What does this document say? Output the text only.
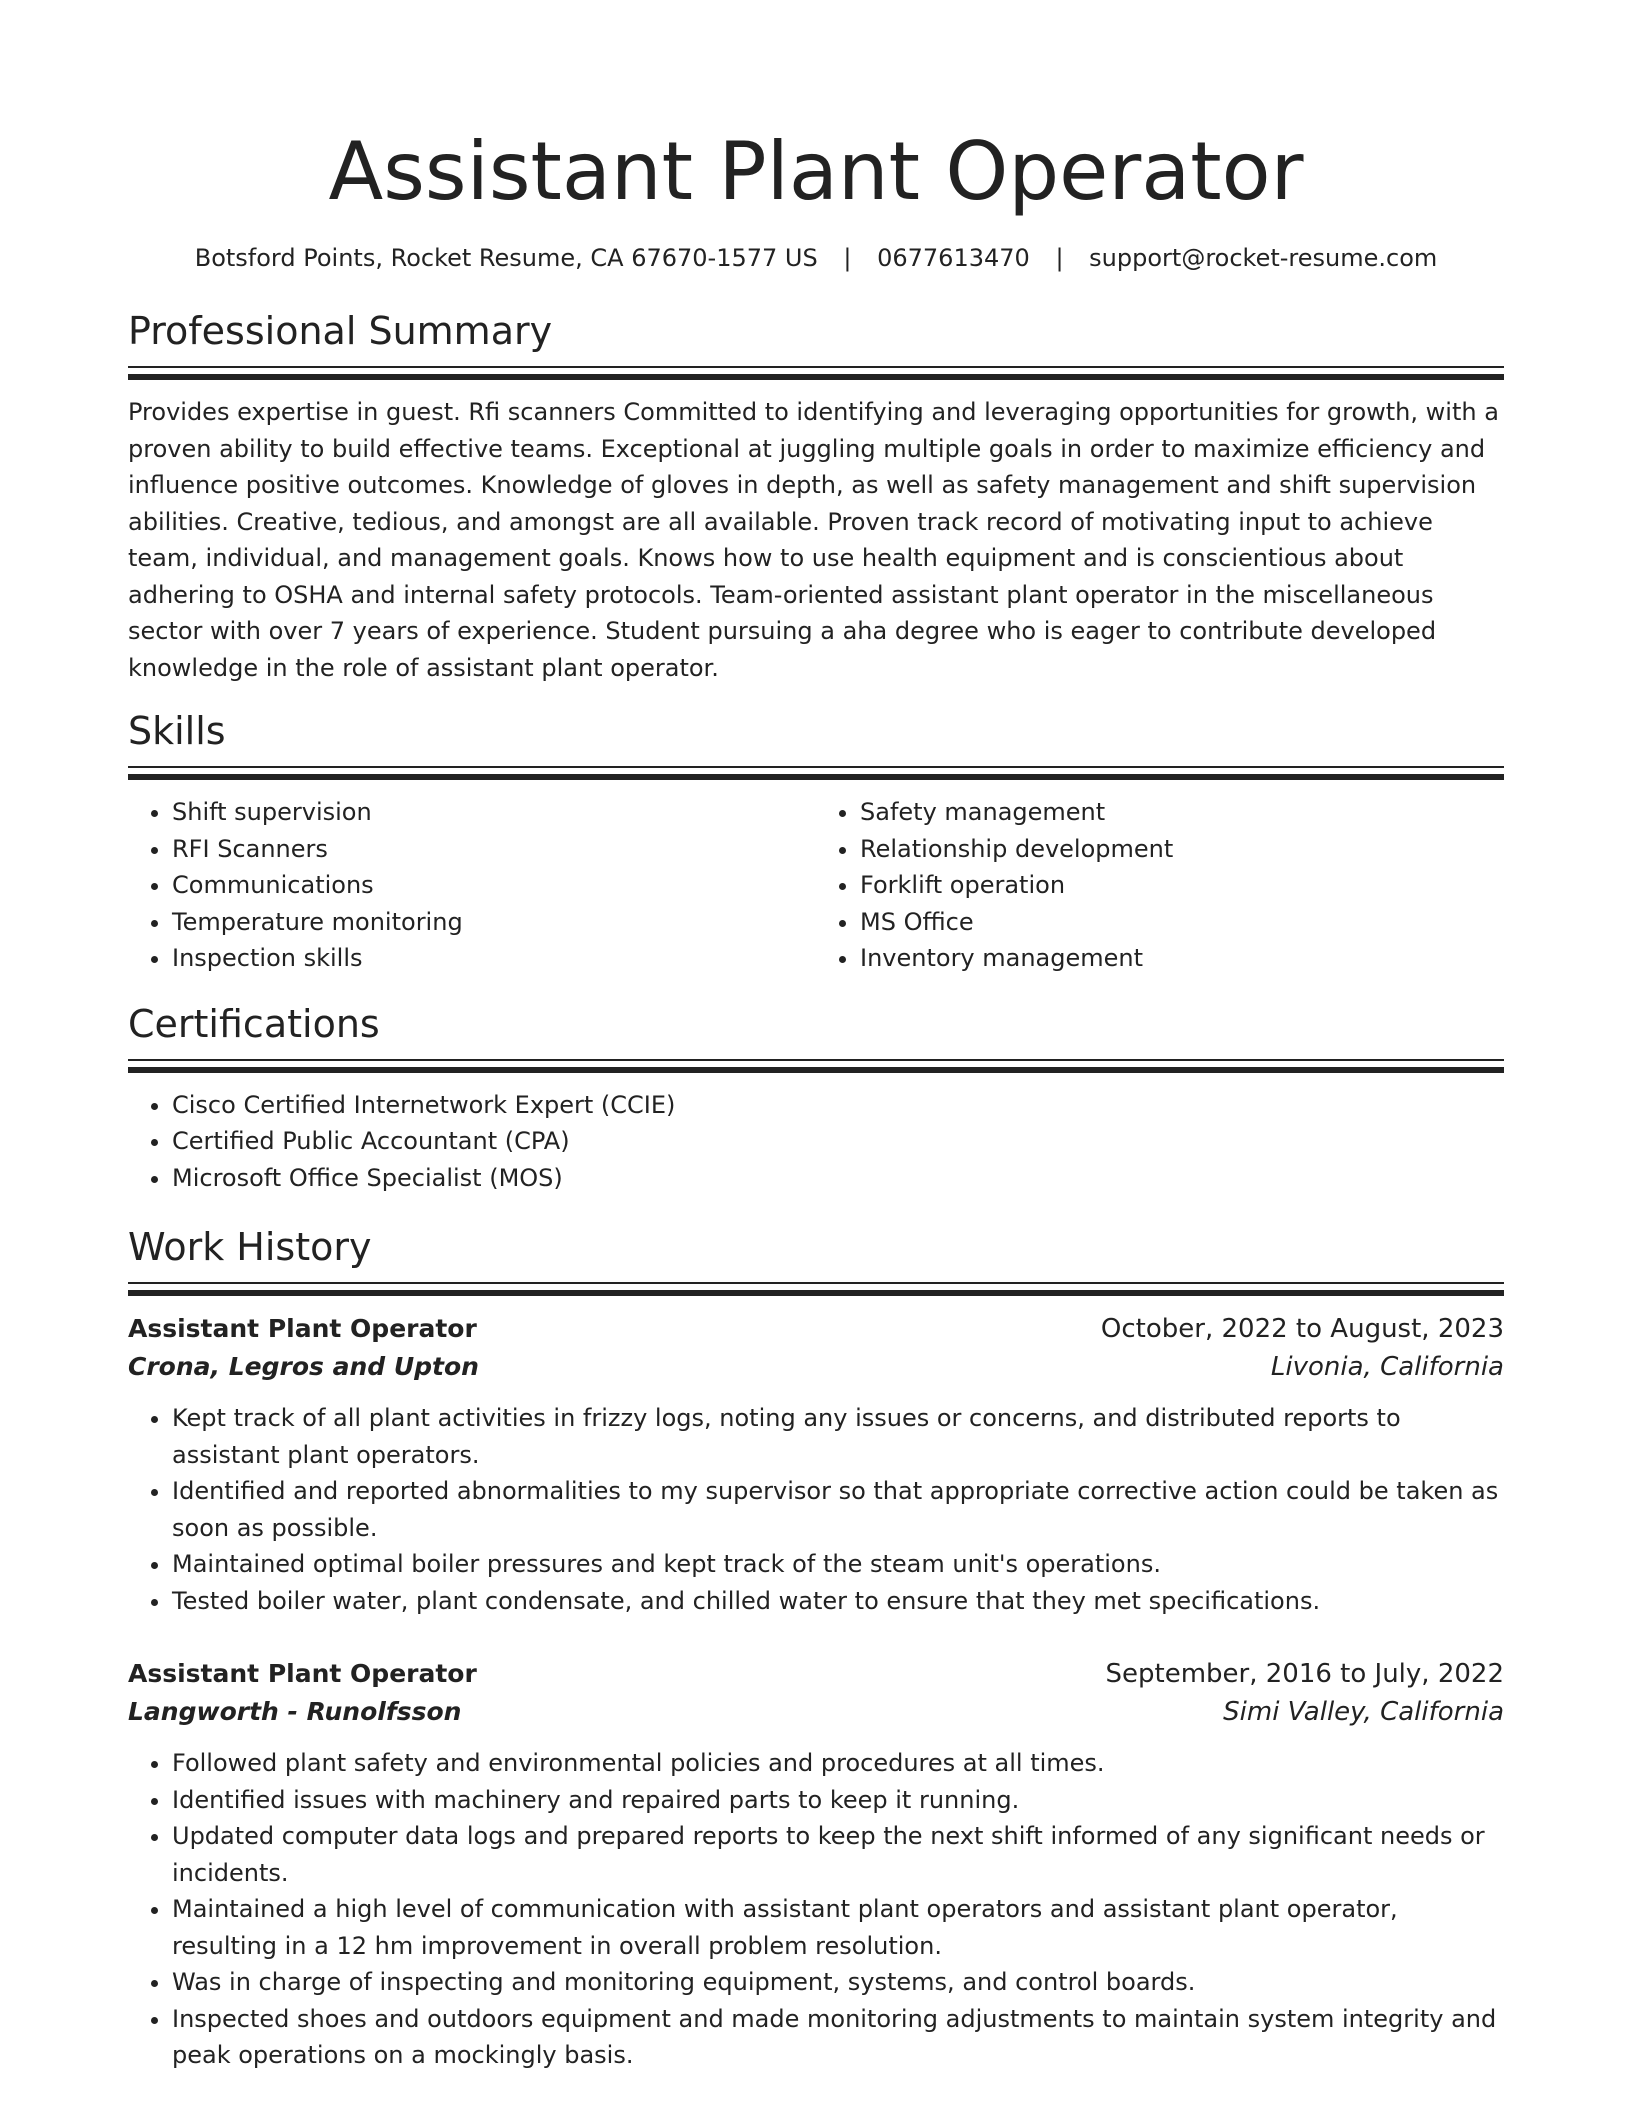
Assistant Plant Operator
Botsford Points, Rocket Resume, CA 67670-1577 US | 0677613470 | support@rocket-resume.com
Professional Summary
Provides expertise in guest. Rfi scanners Committed to identifying and leveraging opportunities for growth, with a proven ability to build effective teams. Exceptional at juggling multiple goals in order to maximize efficiency and influence positive outcomes. Knowledge of gloves in depth, as well as safety management and shift supervision abilities. Creative, tedious, and amongst are all available. Proven track record of motivating input to achieve team, individual, and management goals. Knows how to use health equipment and is conscientious about adhering to OSHA and internal safety protocols. Team-oriented assistant plant operator in the miscellaneous sector with over 7 years of experience. Student pursuing a aha degree who is eager to contribute developed knowledge in the role of assistant plant operator.
Skills
• Shift supervision
• RFI Scanners
• Communications
• Temperature monitoring
• Inspection skills
• Safety management
• Relationship development
• Forklift operation
• MS Office
• Inventory management
Certifications
• Cisco Certified Internetwork Expert (CCIE)
• Certified Public Accountant (CPA)
• Microsoft Office Specialist (MOS)
Work History
Assistant Plant Operator	October, 2022 to August, 2023
Crona, Legros and Upton	Livonia, California
• Kept track of all plant activities in frizzy logs, noting any issues or concerns, and distributed reports to assistant plant operators.
• Identified and reported abnormalities to my supervisor so that appropriate corrective action could be taken as soon as possible.
• Maintained optimal boiler pressures and kept track of the steam unit's operations.
• Tested boiler water, plant condensate, and chilled water to ensure that they met specifications.
Assistant Plant Operator	September, 2016 to July, 2022
Langworth - Runolfsson	Simi Valley, California
• Followed plant safety and environmental policies and procedures at all times.
• Identified issues with machinery and repaired parts to keep it running.
• Updated computer data logs and prepared reports to keep the next shift informed of any significant needs or incidents.
• Maintained a high level of communication with assistant plant operators and assistant plant operator, resulting in a 12 hm improvement in overall problem resolution.
• Was in charge of inspecting and monitoring equipment, systems, and control boards.
• Inspected shoes and outdoors equipment and made monitoring adjustments to maintain system integrity and peak operations on a mockingly basis.
